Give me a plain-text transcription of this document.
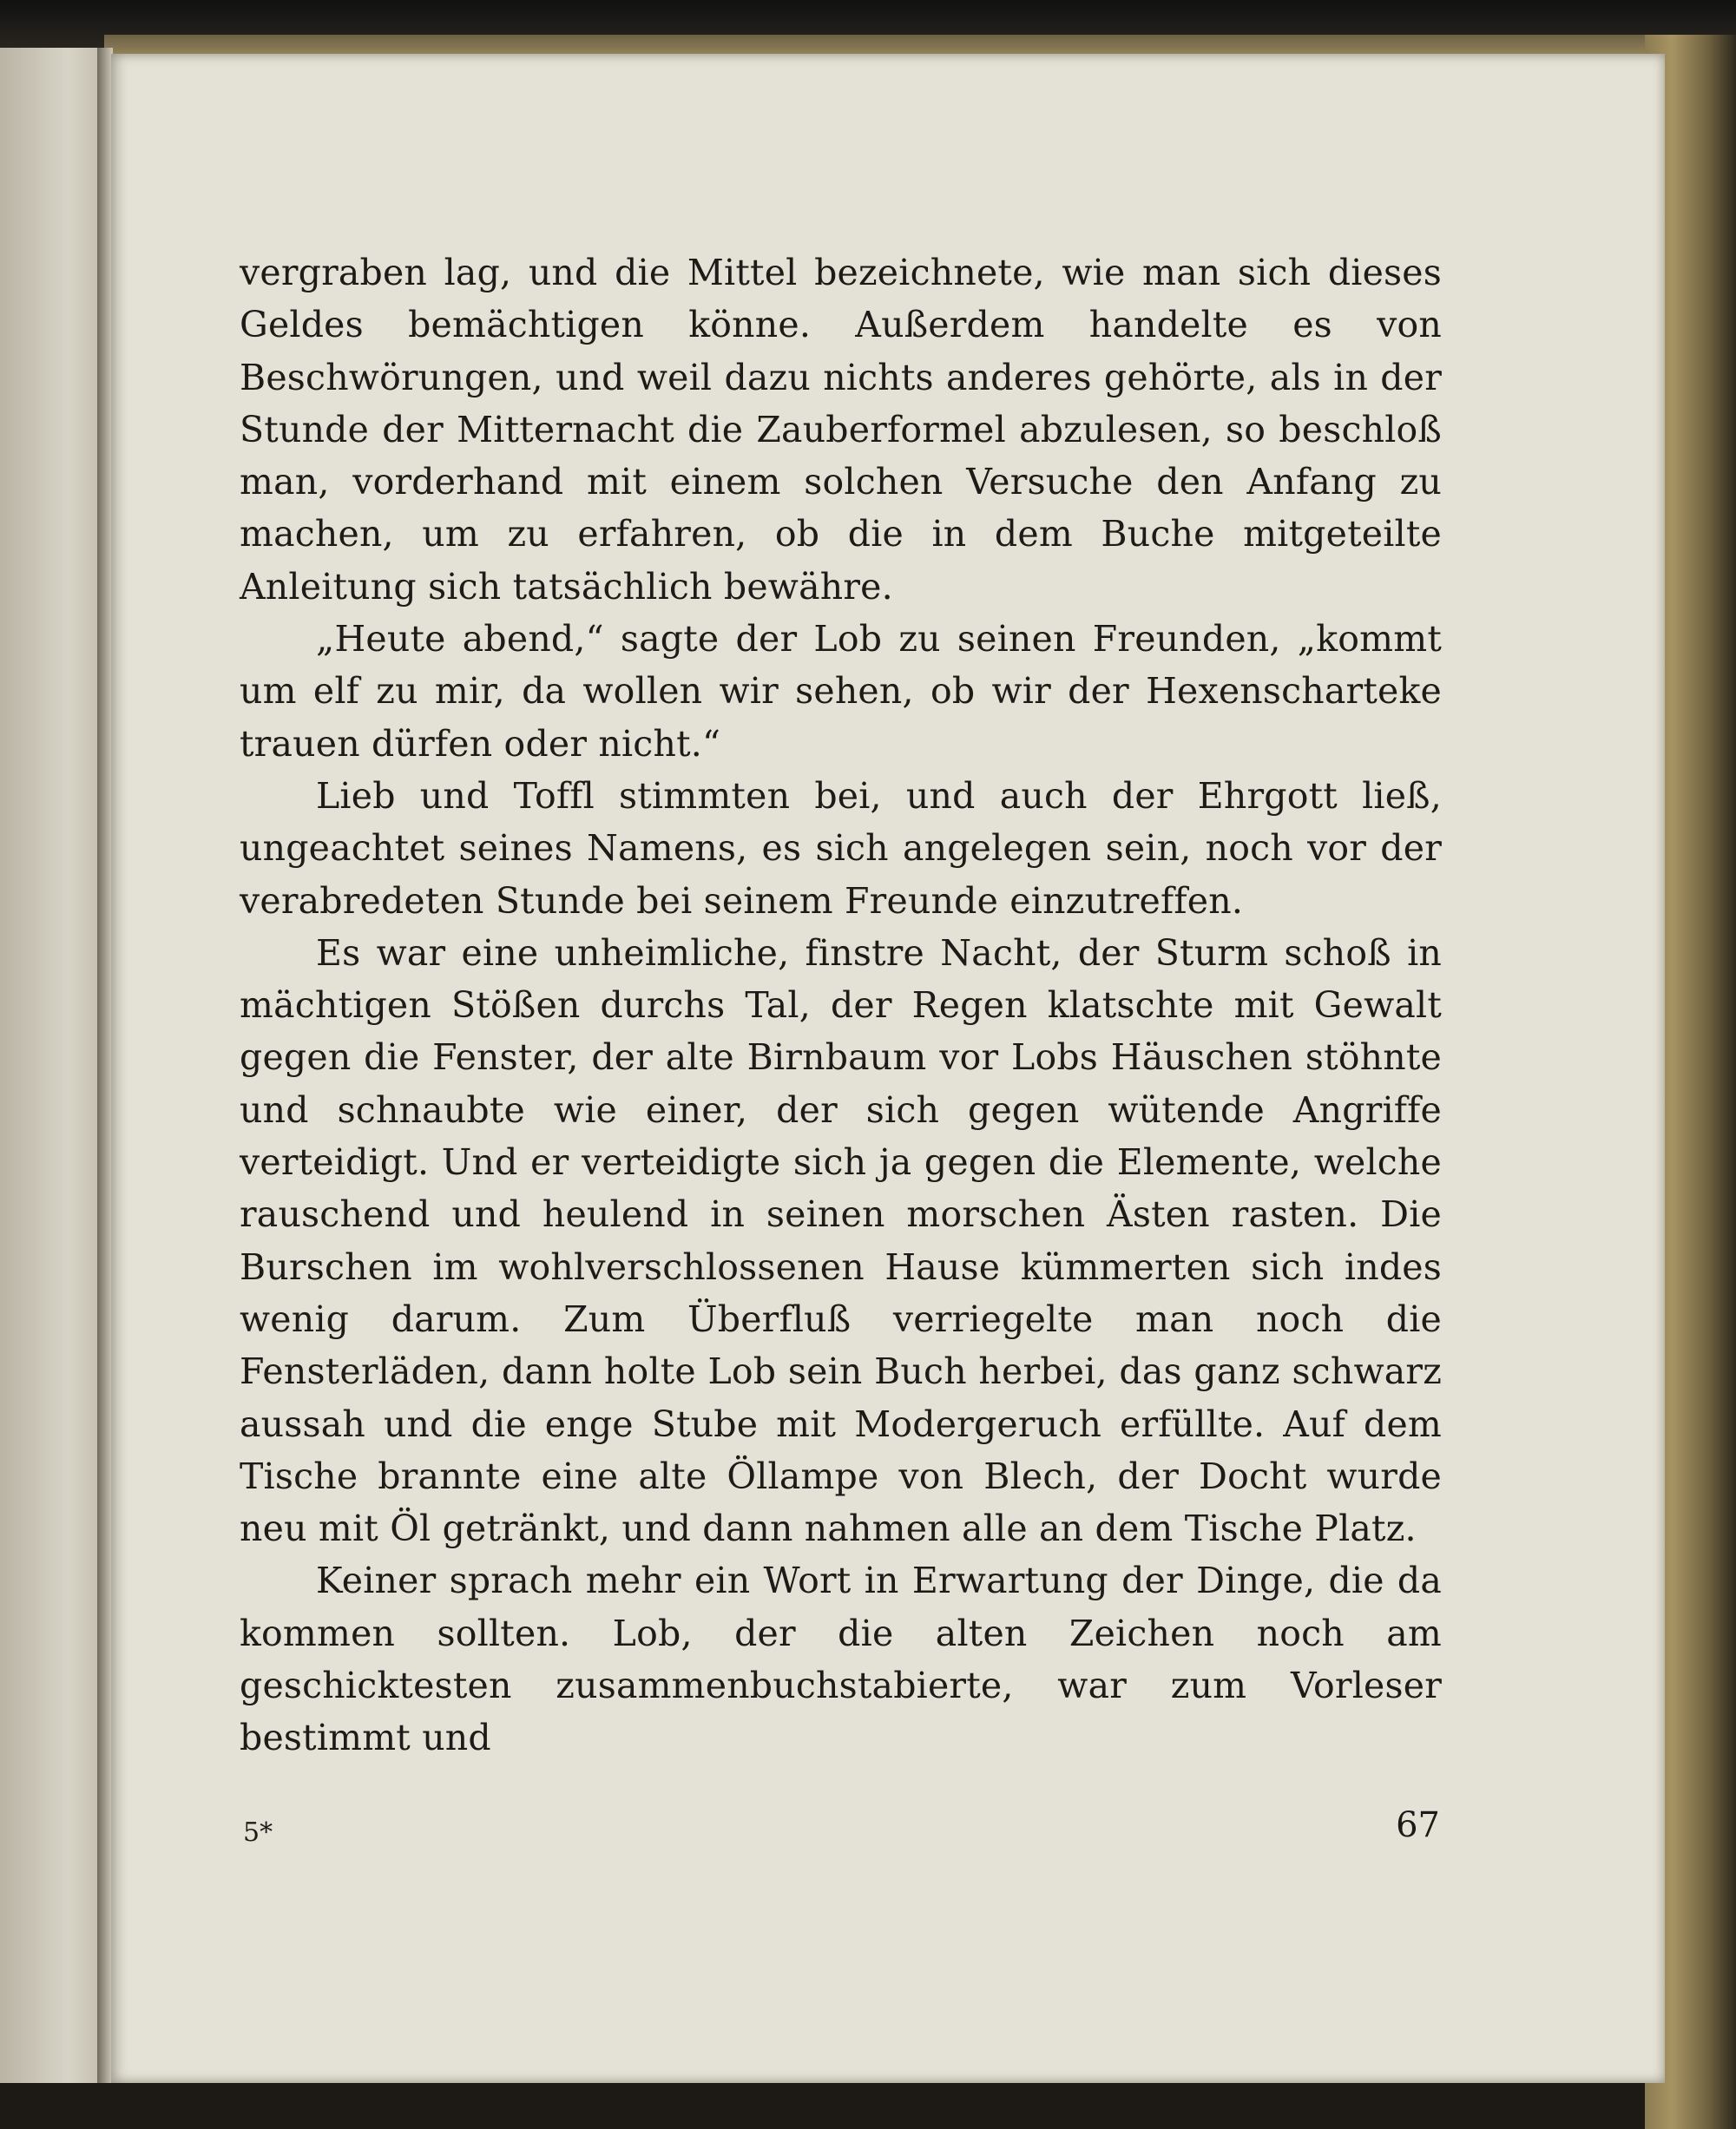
vergraben lag, und die Mittel bezeichnete, wie man sich dieses Geldes bemächtigen könne. Außerdem handelte es von Beschwörungen, und weil dazu nichts anderes gehörte, als in der Stunde der Mitternacht die Zauberformel abzulesen, so beschloß man, vorderhand mit einem solchen Versuche den Anfang zu machen, um zu erfahren, ob die in dem Buche mitgeteilte Anleitung sich tatsächlich bewähre.

„Heute abend,“ sagte der Lob zu seinen Freunden, „kommt um elf zu mir, da wollen wir sehen, ob wir der Hexenscharteke trauen dürfen oder nicht.“

Lieb und Toffl stimmten bei, und auch der Ehrgott ließ, ungeachtet seines Namens, es sich angelegen sein, noch vor der verabredeten Stunde bei seinem Freunde einzutreffen.

Es war eine unheimliche, finstre Nacht, der Sturm schoß in mächtigen Stößen durchs Tal, der Regen klatschte mit Gewalt gegen die Fenster, der alte Birnbaum vor Lobs Häuschen stöhnte und schnaubte wie einer, der sich gegen wütende Angriffe verteidigt. Und er verteidigte sich ja gegen die Elemente, welche rauschend und heulend in seinen morschen Ästen rasten. Die Burschen im wohlverschlossenen Hause kümmerten sich indes wenig darum. Zum Überfluß verriegelte man noch die Fensterläden, dann holte Lob sein Buch herbei, das ganz schwarz aussah und die enge Stube mit Modergeruch erfüllte. Auf dem Tische brannte eine alte Öllampe von Blech, der Docht wurde neu mit Öl getränkt, und dann nahmen alle an dem Tische Platz.

Keiner sprach mehr ein Wort in Erwartung der Dinge, die da kommen sollten. Lob, der die alten Zeichen noch am geschicktesten zusammenbuchstabierte, war zum Vorleser bestimmt und

5*	67
